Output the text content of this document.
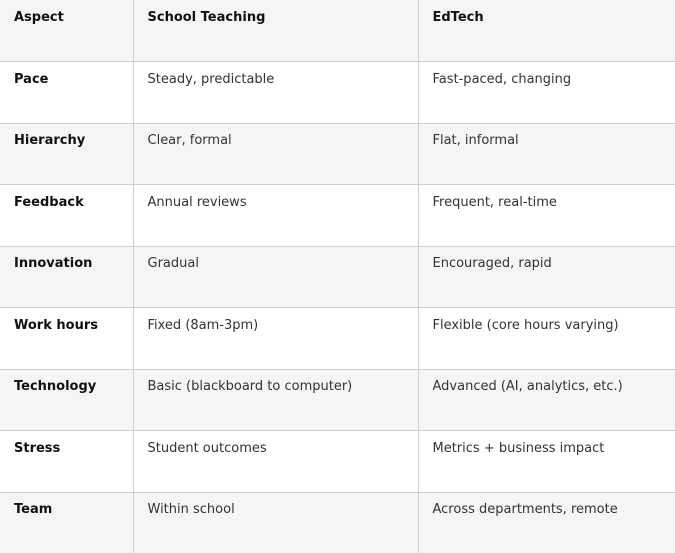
Aspect	School Teaching	EdTech
Pace	Steady, predictable	Fast-paced, changing
Hierarchy	Clear, formal	Flat, informal
Feedback	Annual reviews	Frequent, real-time
Innovation	Gradual	Encouraged, rapid
Work hours	Fixed (8am-3pm)	Flexible (core hours varying)
Technology	Basic (blackboard to computer)	Advanced (AI, analytics, etc.)
Stress	Student outcomes	Metrics + business impact
Team	Within school	Across departments, remote
